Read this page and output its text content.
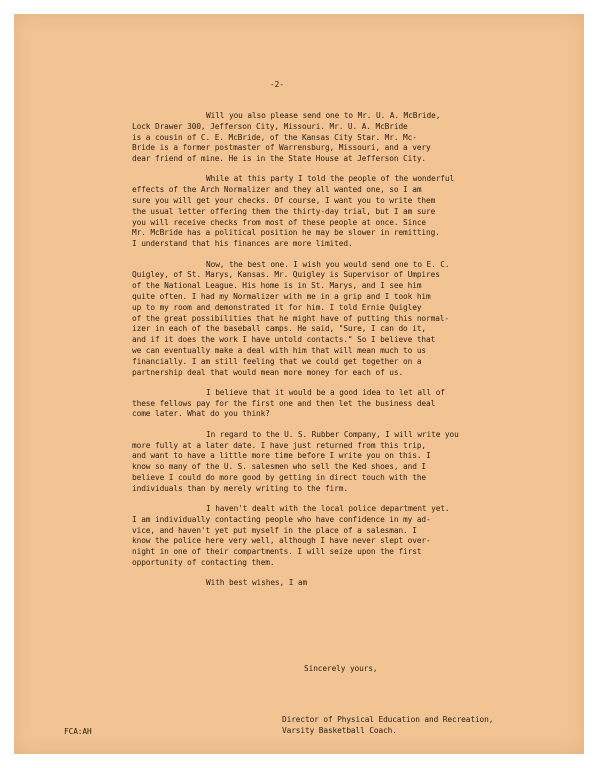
-2-

Will you also please send one to Mr. U. A. McBride,
Lock Drawer 300, Jefferson City, Missouri. Mr. U. A. McBride
is a cousin of C. E. McBride, of the Kansas City Star. Mr. Mc-
Bride is a former postmaster of Warrensburg, Missouri, and a very
dear friend of mine. He is in the State House at Jefferson City.

While at this party I told the people of the wonderful
effects of the Arch Normalizer and they all wanted one, so I am
sure you will get your checks. Of course, I want you to write them
the usual letter offering them the thirty-day trial, but I am sure
you will receive checks from most of these people at once. Since
Mr. McBride has a political position he may be slower in remitting.
I understand that his finances are more limited.

Now, the best one. I wish you would send one to E. C.
Quigley, of St. Marys, Kansas. Mr. Quigley is Supervisor of Umpires
of the National League. His home is in St. Marys, and I see him
quite often. I had my Normalizer with me in a grip and I took him
up to my room and demonstrated it for him. I told Ernie Quigley
of the great possibilities that he might have of putting this normal-
izer in each of the baseball camps. He said, "Sure, I can do it,
and if it does the work I have untold contacts." So I believe that
we can eventually make a deal with him that will mean much to us
financially. I am still feeling that we could get together on a
partnership deal that would mean more money for each of us.

I believe that it would be a good idea to let all of
these fellows pay for the first one and then let the business deal
come later. What do you think?

In regard to the U. S. Rubber Company, I will write you
more fully at a later date. I have just returned from this trip,
and want to have a little more time before I write you on this. I
know so many of the U. S. salesmen who sell the Ked shoes, and I
believe I could do more good by getting in direct touch with the
individuals than by merely writing to the firm.

I haven't dealt with the local police department yet.
I am individually contacting people who have confidence in my ad-
vice, and haven't yet put myself in the place of a salesman. I
know the police here very well, although I have never slept over-
night in one of their compartments. I will seize upon the first
opportunity of contacting them.

With best wishes, I am

Sincerely yours,

Director of Physical Education and Recreation,
Varsity Basketball Coach.

FCA:AH
